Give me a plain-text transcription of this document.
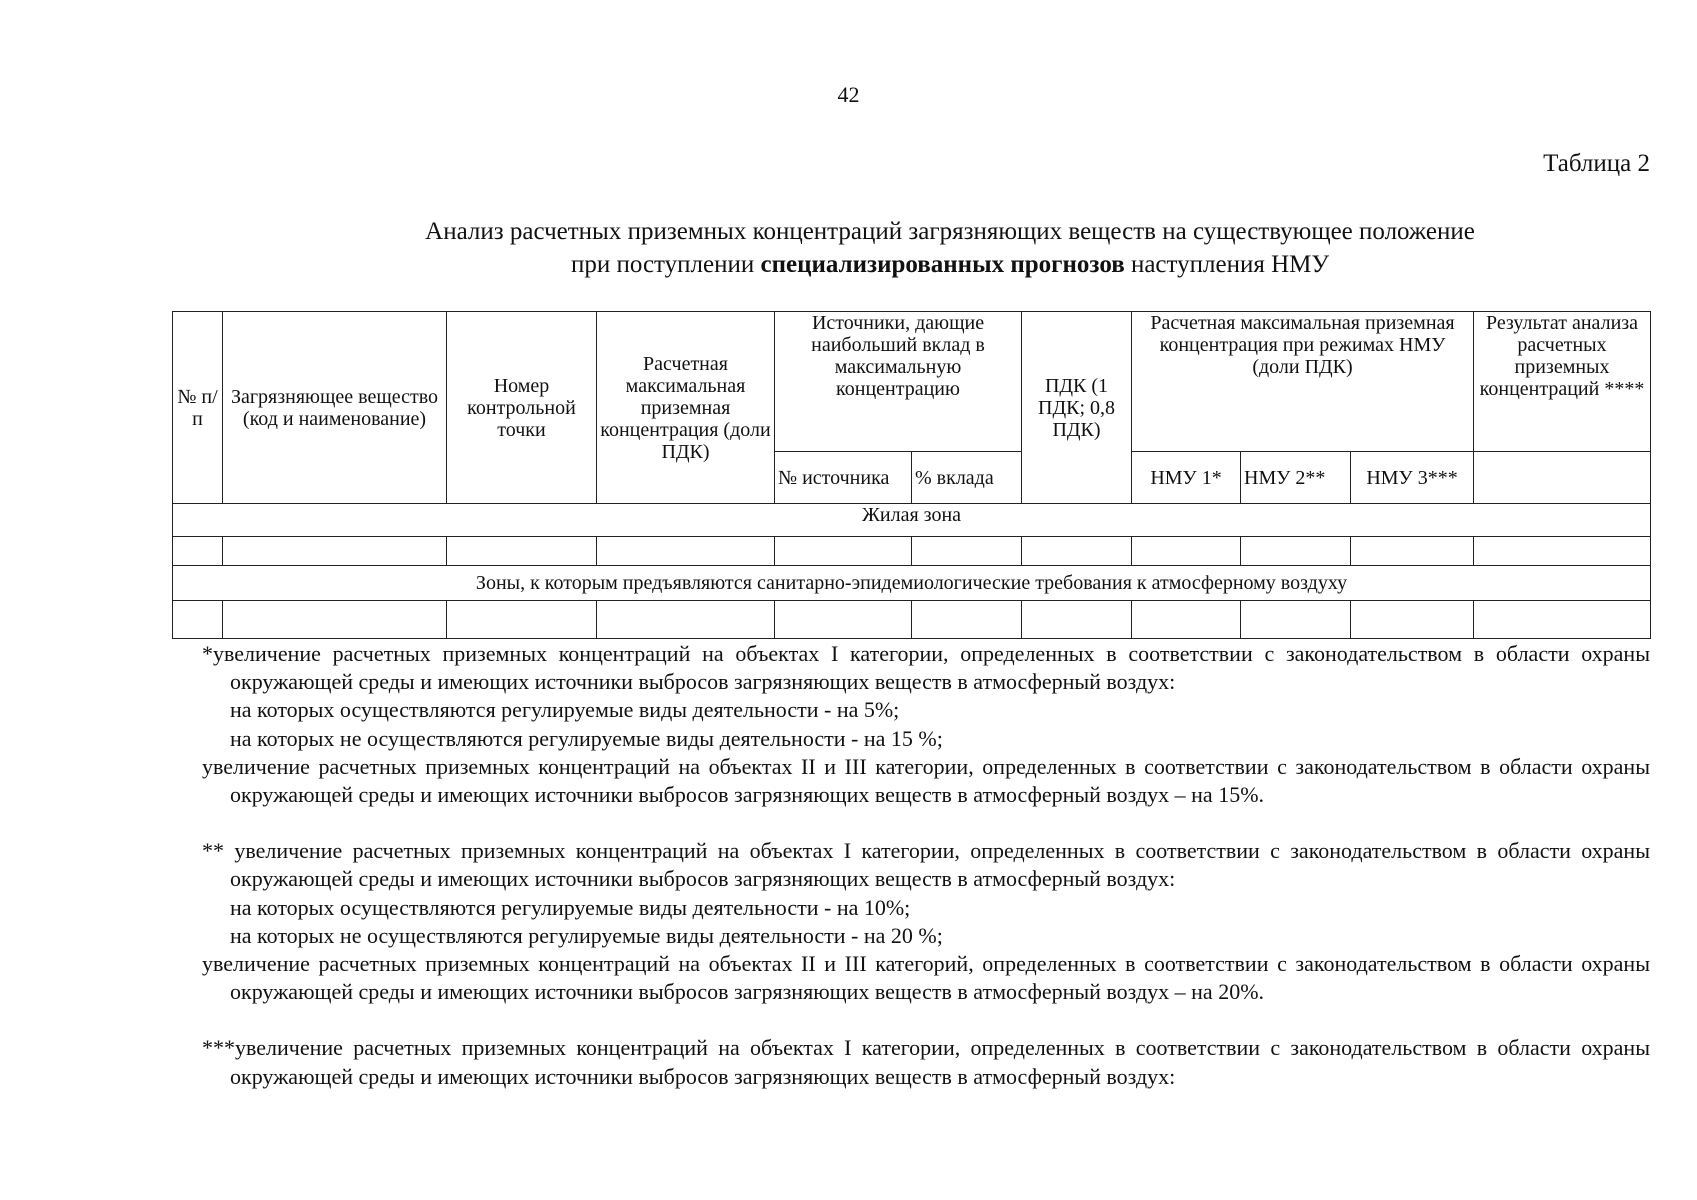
42
Таблица 2
Анализ расчетных приземных концентраций загрязняющих веществ на существующее положение
при поступлении специализированных прогнозов наступления НМУ
№ п/ п	Загрязняющее вещество (код и наименование)	Номер контрольной точки	Расчетная максимальная приземная концентрация (доли ПДК)	Источники, дающие наибольший вклад в максимальную концентрацию		ПДК (1 ПДК; 0,8 ПДК)	Расчетная максимальная приземная концентрация при режимах НМУ (доли ПДК)			Результат анализа расчетных приземных концентраций ****
				№ источника	% вклада		НМУ 1*	НМУ 2**	НМУ 3***	
Жилая зона										

Зоны, к которым предъявляются санитарно-эпидемиологические требования к атмосферному воздуху										

*увеличение расчетных приземных концентраций на объектах I категории, определенных в соответствии с законодательством в области охраны окружающей среды и имеющих источники выбросов загрязняющих веществ в атмосферный воздух:

на которых осуществляются регулируемые виды деятельности - на 5%;

на которых не осуществляются регулируемые виды деятельности - на 15 %;

увеличение расчетных приземных концентраций на объектах II и III категории, определенных в соответствии с законодательством в области охраны окружающей среды и имеющих источники выбросов загрязняющих веществ в атмосферный воздух – на 15%.

** увеличение расчетных приземных концентраций на объектах I категории, определенных в соответствии с законодательством в области охраны окружающей среды и имеющих источники выбросов загрязняющих веществ в атмосферный воздух:

на которых осуществляются регулируемые виды деятельности - на 10%;

на которых не осуществляются регулируемые виды деятельности - на 20 %;

увеличение расчетных приземных концентраций на объектах II и III категорий, определенных в соответствии с законодательством в области охраны окружающей среды и имеющих источники выбросов загрязняющих веществ в атмосферный воздух – на 20%.

***увеличение расчетных приземных концентраций на объектах I категории, определенных в соответствии с законодательством в области охраны окружающей среды и имеющих источники выбросов загрязняющих веществ в атмосферный воздух:
